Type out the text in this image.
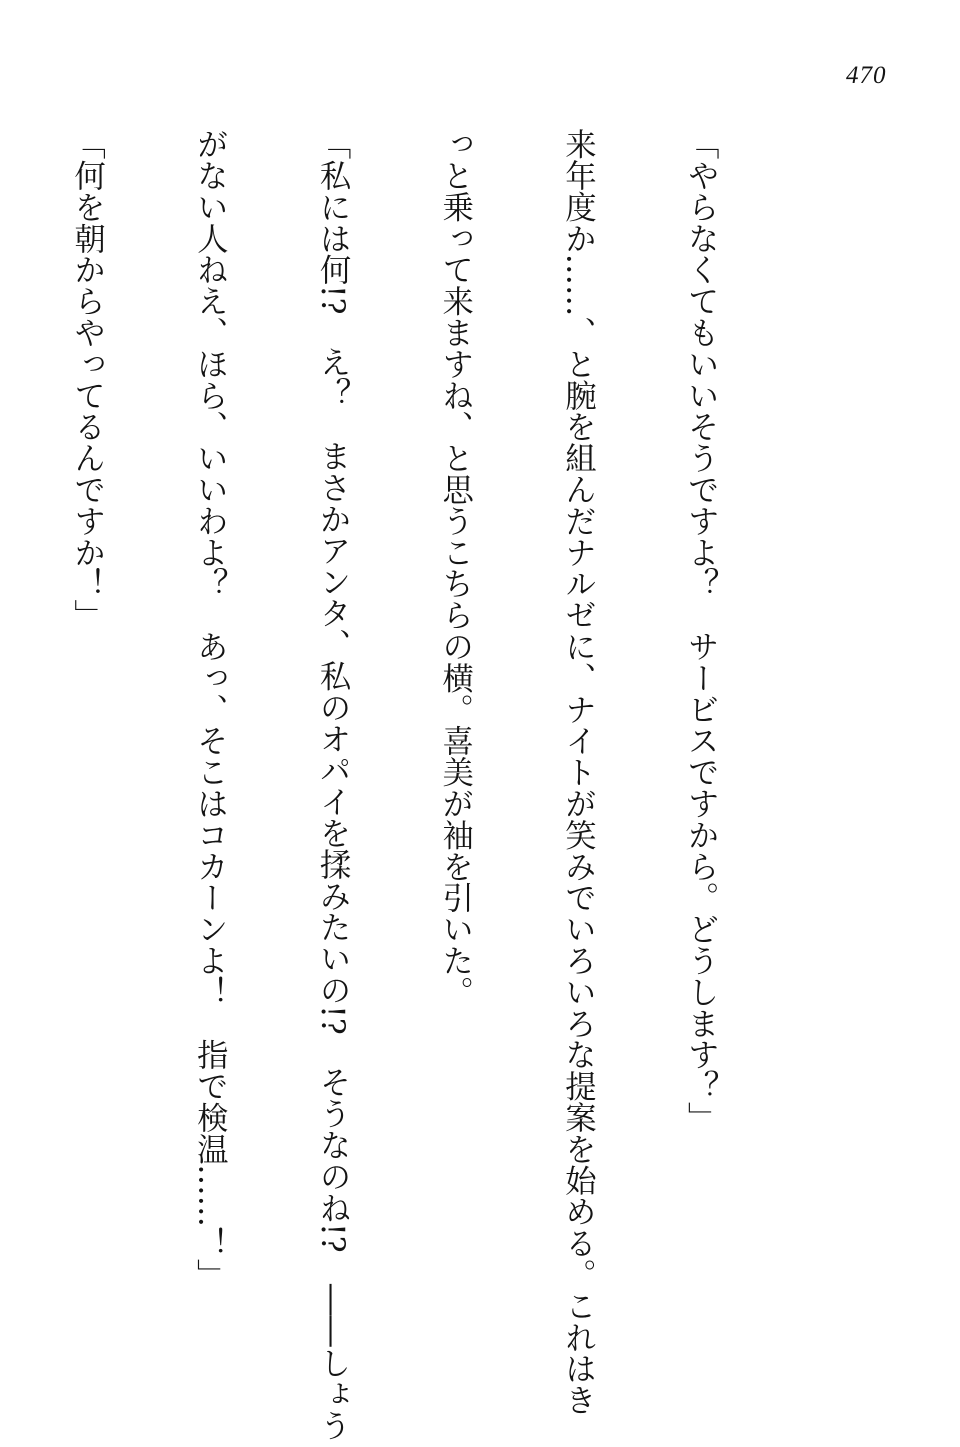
470

「やらなくてもいいそうですよ？　サービスですから。どうします？」

来年度か……、と腕を組んだナルゼに、ナイトが笑みでいろいろな提案を始める。これはき

っと乗って来ますね、と思うこちらの横。喜美が袖を引いた。

「私には何!?　え？　まさかアンタ、私のオパイを揉みたいの!?　そうなのね!?　――しょう

がない人ねえ、ほら、いいわよ？　あっ、そこはコカーンよ！　指で検温……！」

「何を朝からやってるんですか！」
